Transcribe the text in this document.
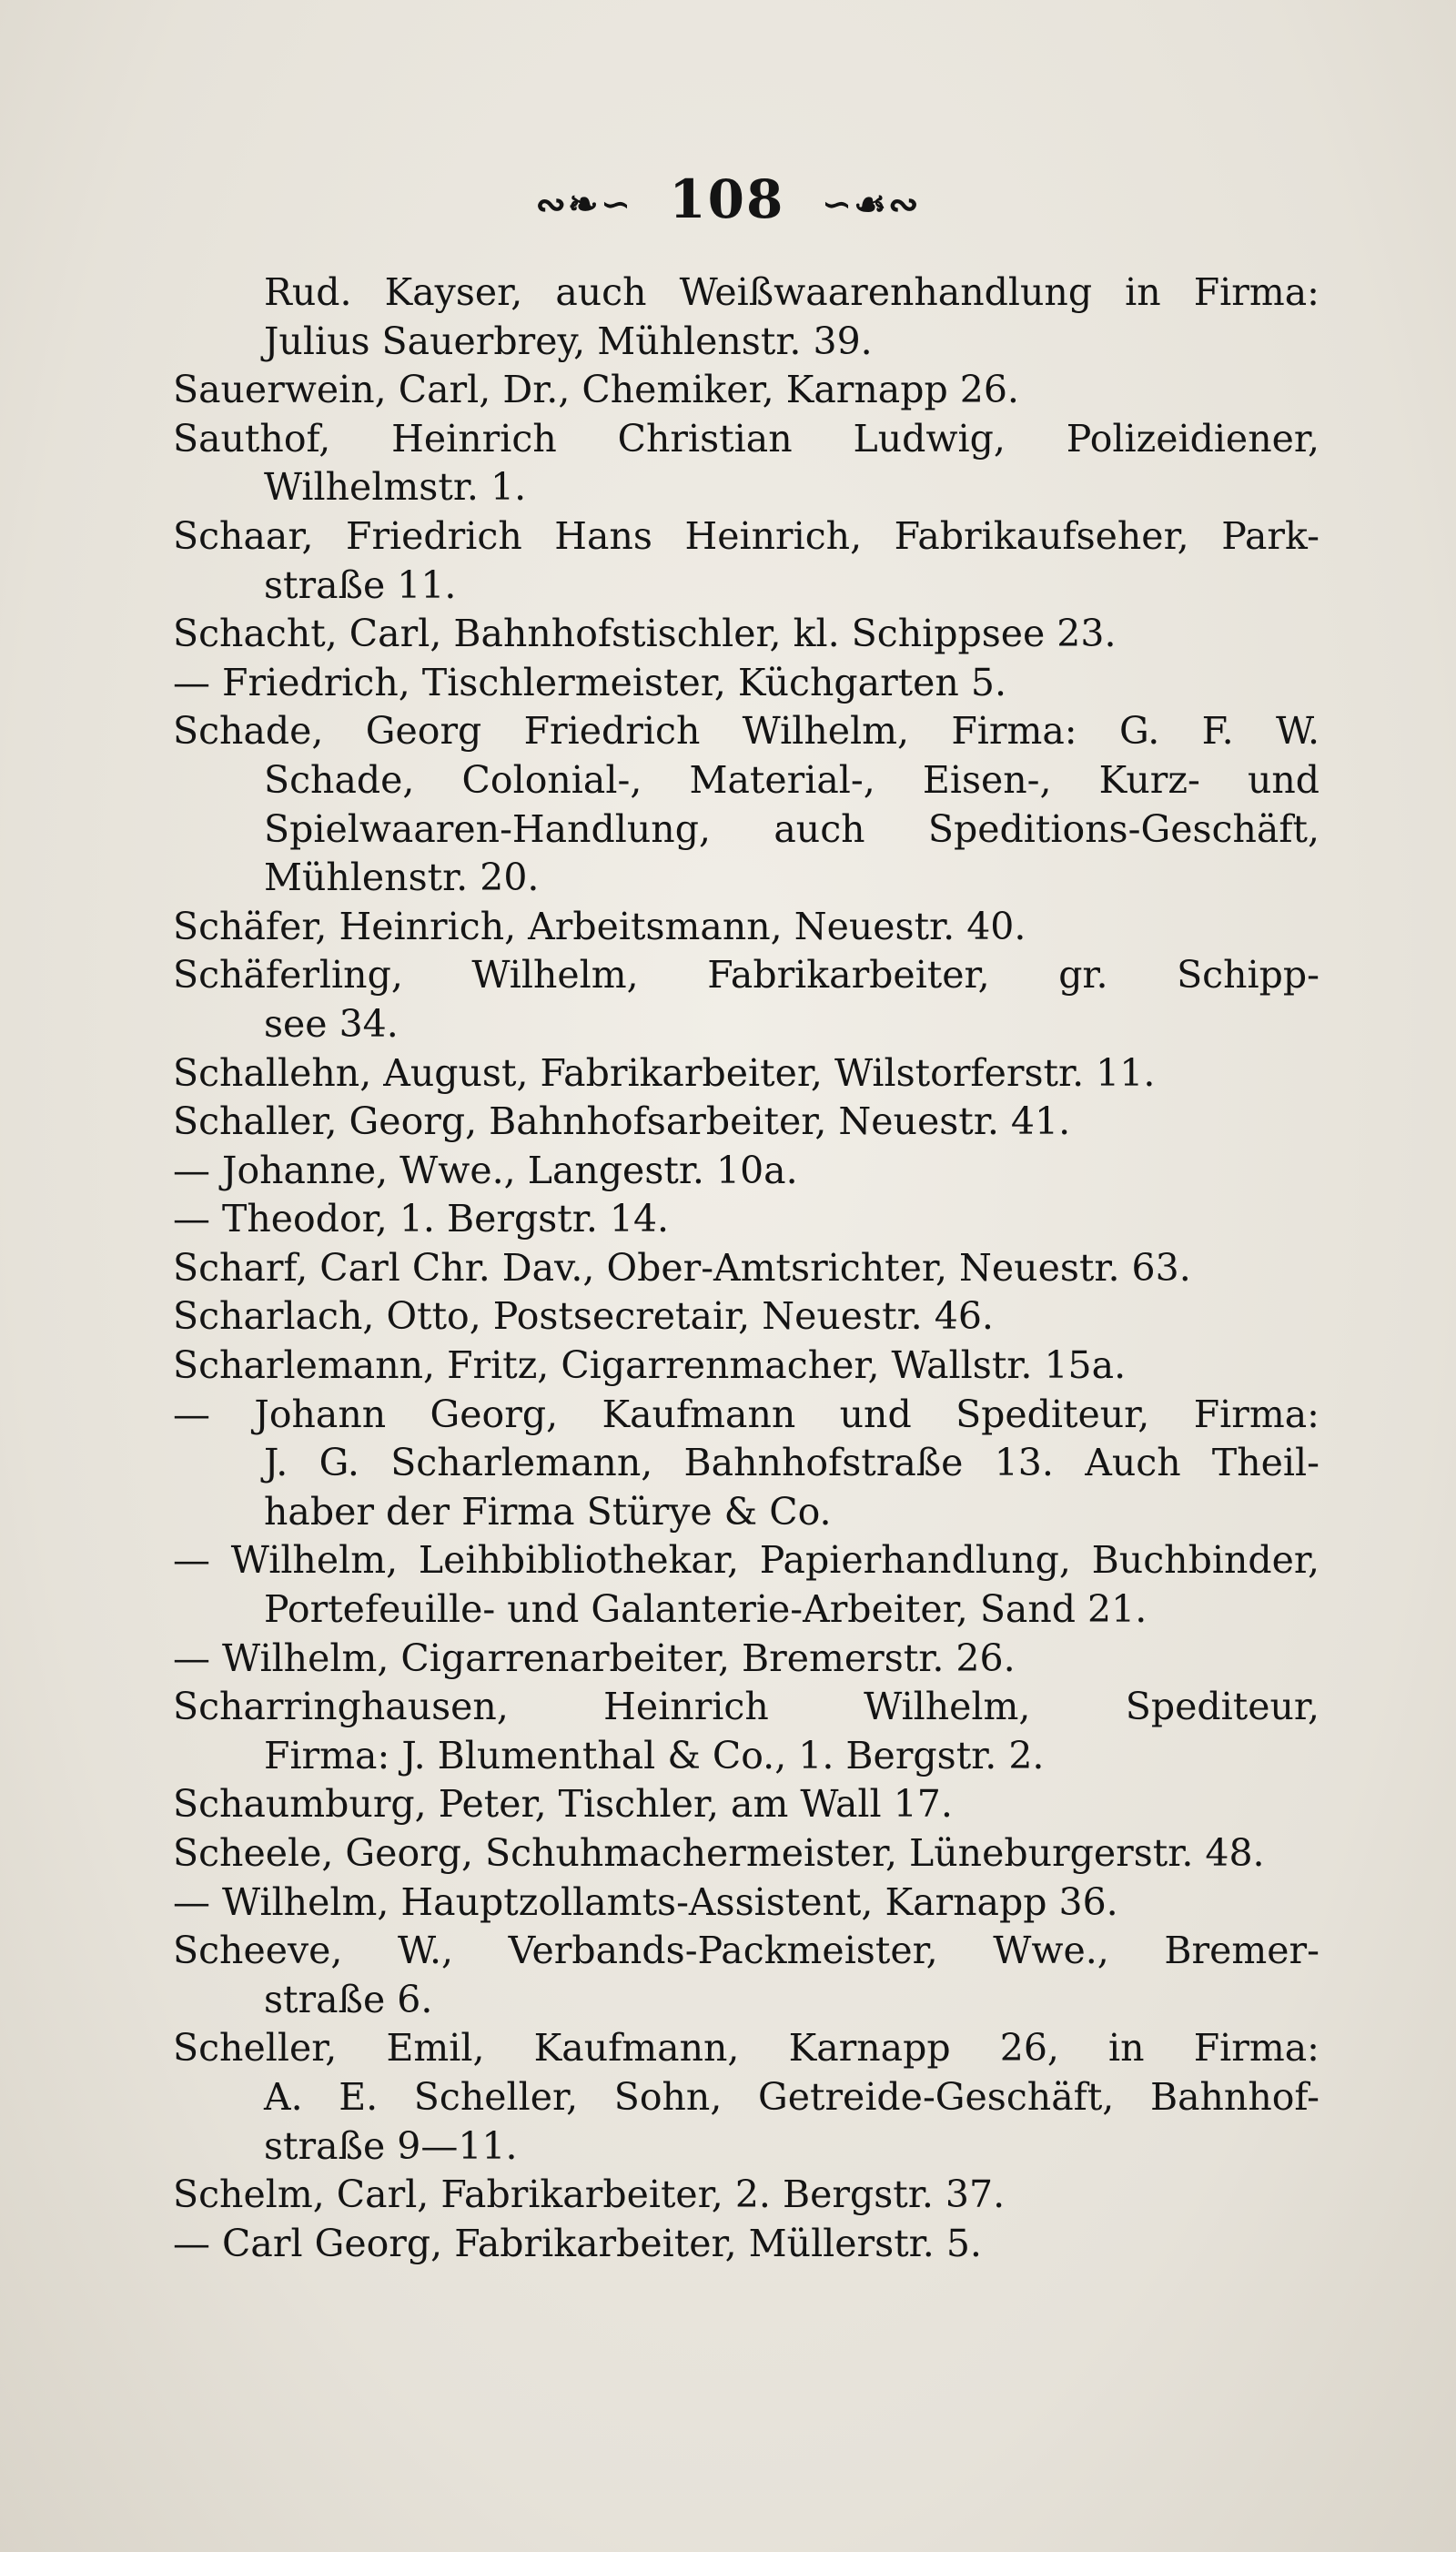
∾❧∽ 108 ∽☙∾
Rud. Kayser, auch Weißwaarenhandlung in Firma:
Julius Sauerbrey, Mühlenstr. 39.
Sauerwein, Carl, Dr., Chemiker, Karnapp 26.
Sauthof, Heinrich Christian Ludwig, Polizeidiener,
Wilhelmstr. 1.
Schaar, Friedrich Hans Heinrich, Fabrikaufseher, Park-
straße 11.
Schacht, Carl, Bahnhofstischler, kl. Schippsee 23.
— Friedrich, Tischlermeister, Küchgarten 5.
Schade, Georg Friedrich Wilhelm, Firma: G. F. W.
Schade, Colonial-, Material-, Eisen-, Kurz- und
Spielwaaren-Handlung, auch Speditions-Geschäft,
Mühlenstr. 20.
Schäfer, Heinrich, Arbeitsmann, Neuestr. 40.
Schäferling, Wilhelm, Fabrikarbeiter, gr. Schipp-
see 34.
Schallehn, August, Fabrikarbeiter, Wilstorferstr. 11.
Schaller, Georg, Bahnhofsarbeiter, Neuestr. 41.
— Johanne, Wwe., Langestr. 10a.
— Theodor, 1. Bergstr. 14.
Scharf, Carl Chr. Dav., Ober-Amtsrichter, Neuestr. 63.
Scharlach, Otto, Postsecretair, Neuestr. 46.
Scharlemann, Fritz, Cigarrenmacher, Wallstr. 15a.
— Johann Georg, Kaufmann und Spediteur, Firma:
J. G. Scharlemann, Bahnhofstraße 13. Auch Theil-
haber der Firma Stürye & Co.
— Wilhelm, Leihbibliothekar, Papierhandlung, Buchbinder,
Portefeuille- und Galanterie-Arbeiter, Sand 21.
— Wilhelm, Cigarrenarbeiter, Bremerstr. 26.
Scharringhausen, Heinrich Wilhelm, Spediteur,
Firma: J. Blumenthal & Co., 1. Bergstr. 2.
Schaumburg, Peter, Tischler, am Wall 17.
Scheele, Georg, Schuhmachermeister, Lüneburgerstr. 48.
— Wilhelm, Hauptzollamts-Assistent, Karnapp 36.
Scheeve, W., Verbands-Packmeister, Wwe., Bremer-
straße 6.
Scheller, Emil, Kaufmann, Karnapp 26, in Firma:
A. E. Scheller, Sohn, Getreide-Geschäft, Bahnhof-
straße 9—11.
Schelm, Carl, Fabrikarbeiter, 2. Bergstr. 37.
— Carl Georg, Fabrikarbeiter, Müllerstr. 5.
